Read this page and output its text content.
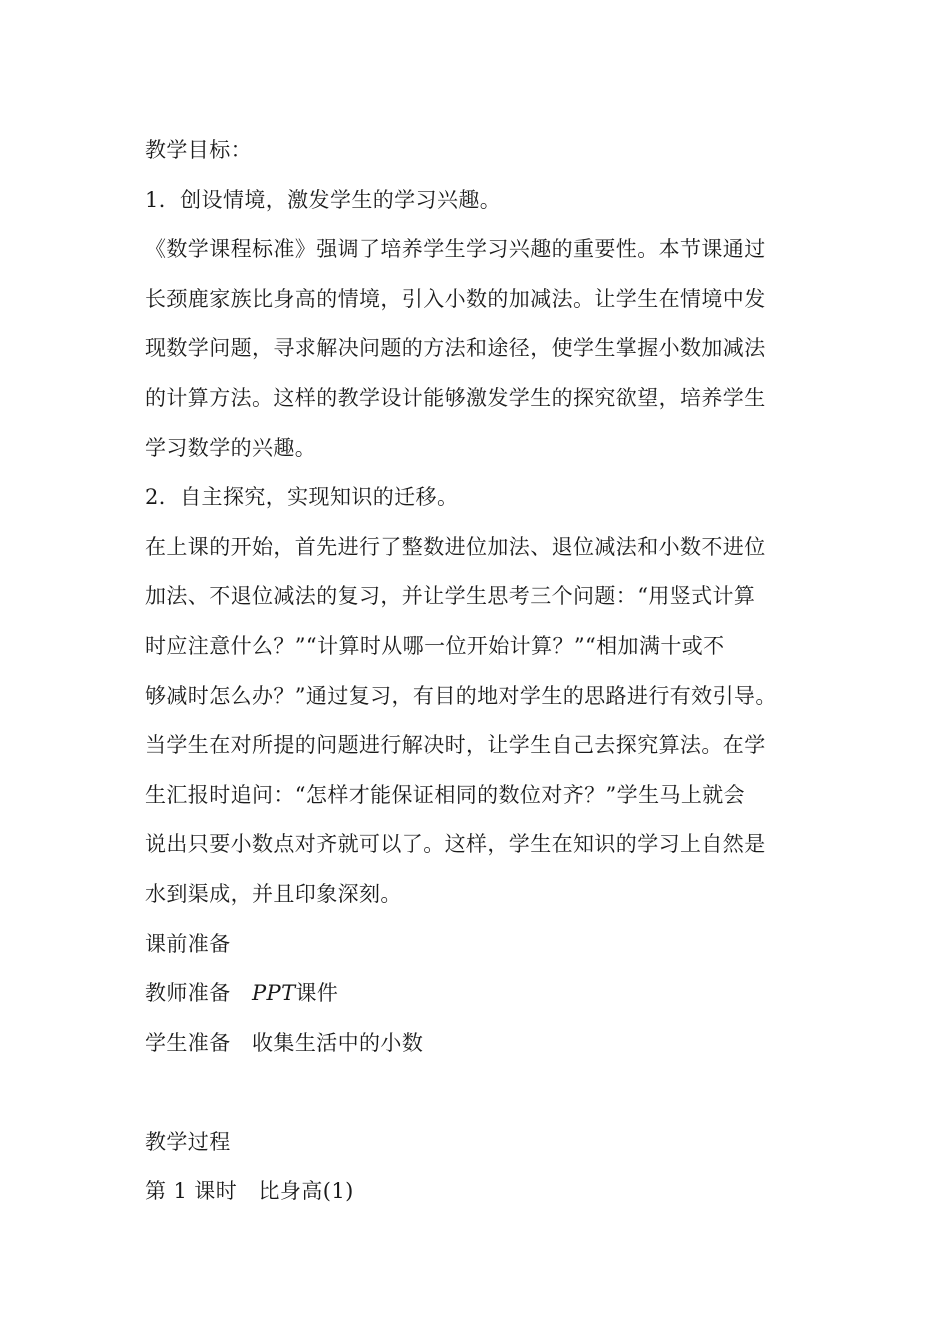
教学目标：
1．创设情境，激发学生的学习兴趣。
《数学课程标准》强调了培养学生学习兴趣的重要性。本节课通过
长颈鹿家族比身高的情境，引入小数的加减法。让学生在情境中发
现数学问题，寻求解决问题的方法和途径，使学生掌握小数加减法
的计算方法。这样的教学设计能够激发学生的探究欲望，培养学生
学习数学的兴趣。
2．自主探究，实现知识的迁移。
在上课的开始，首先进行了整数进位加法、退位减法和小数不进位
加法、不退位减法的复习，并让学生思考三个问题：“用竖式计算
时应注意什么？”“计算时从哪一位开始计算？”“相加满十或不
够减时怎么办？”通过复习，有目的地对学生的思路进行有效引导。
当学生在对所提的问题进行解决时，让学生自己去探究算法。在学
生汇报时追问：“怎样才能保证相同的数位对齐？”学生马上就会
说出只要小数点对齐就可以了。这样，学生在知识的学习上自然是
水到渠成，并且印象深刻。
课前准备
教师准备　 PPT课件
学生准备　 收集生活中的小数
教学过程
第 1 课时　 比身高(1)
